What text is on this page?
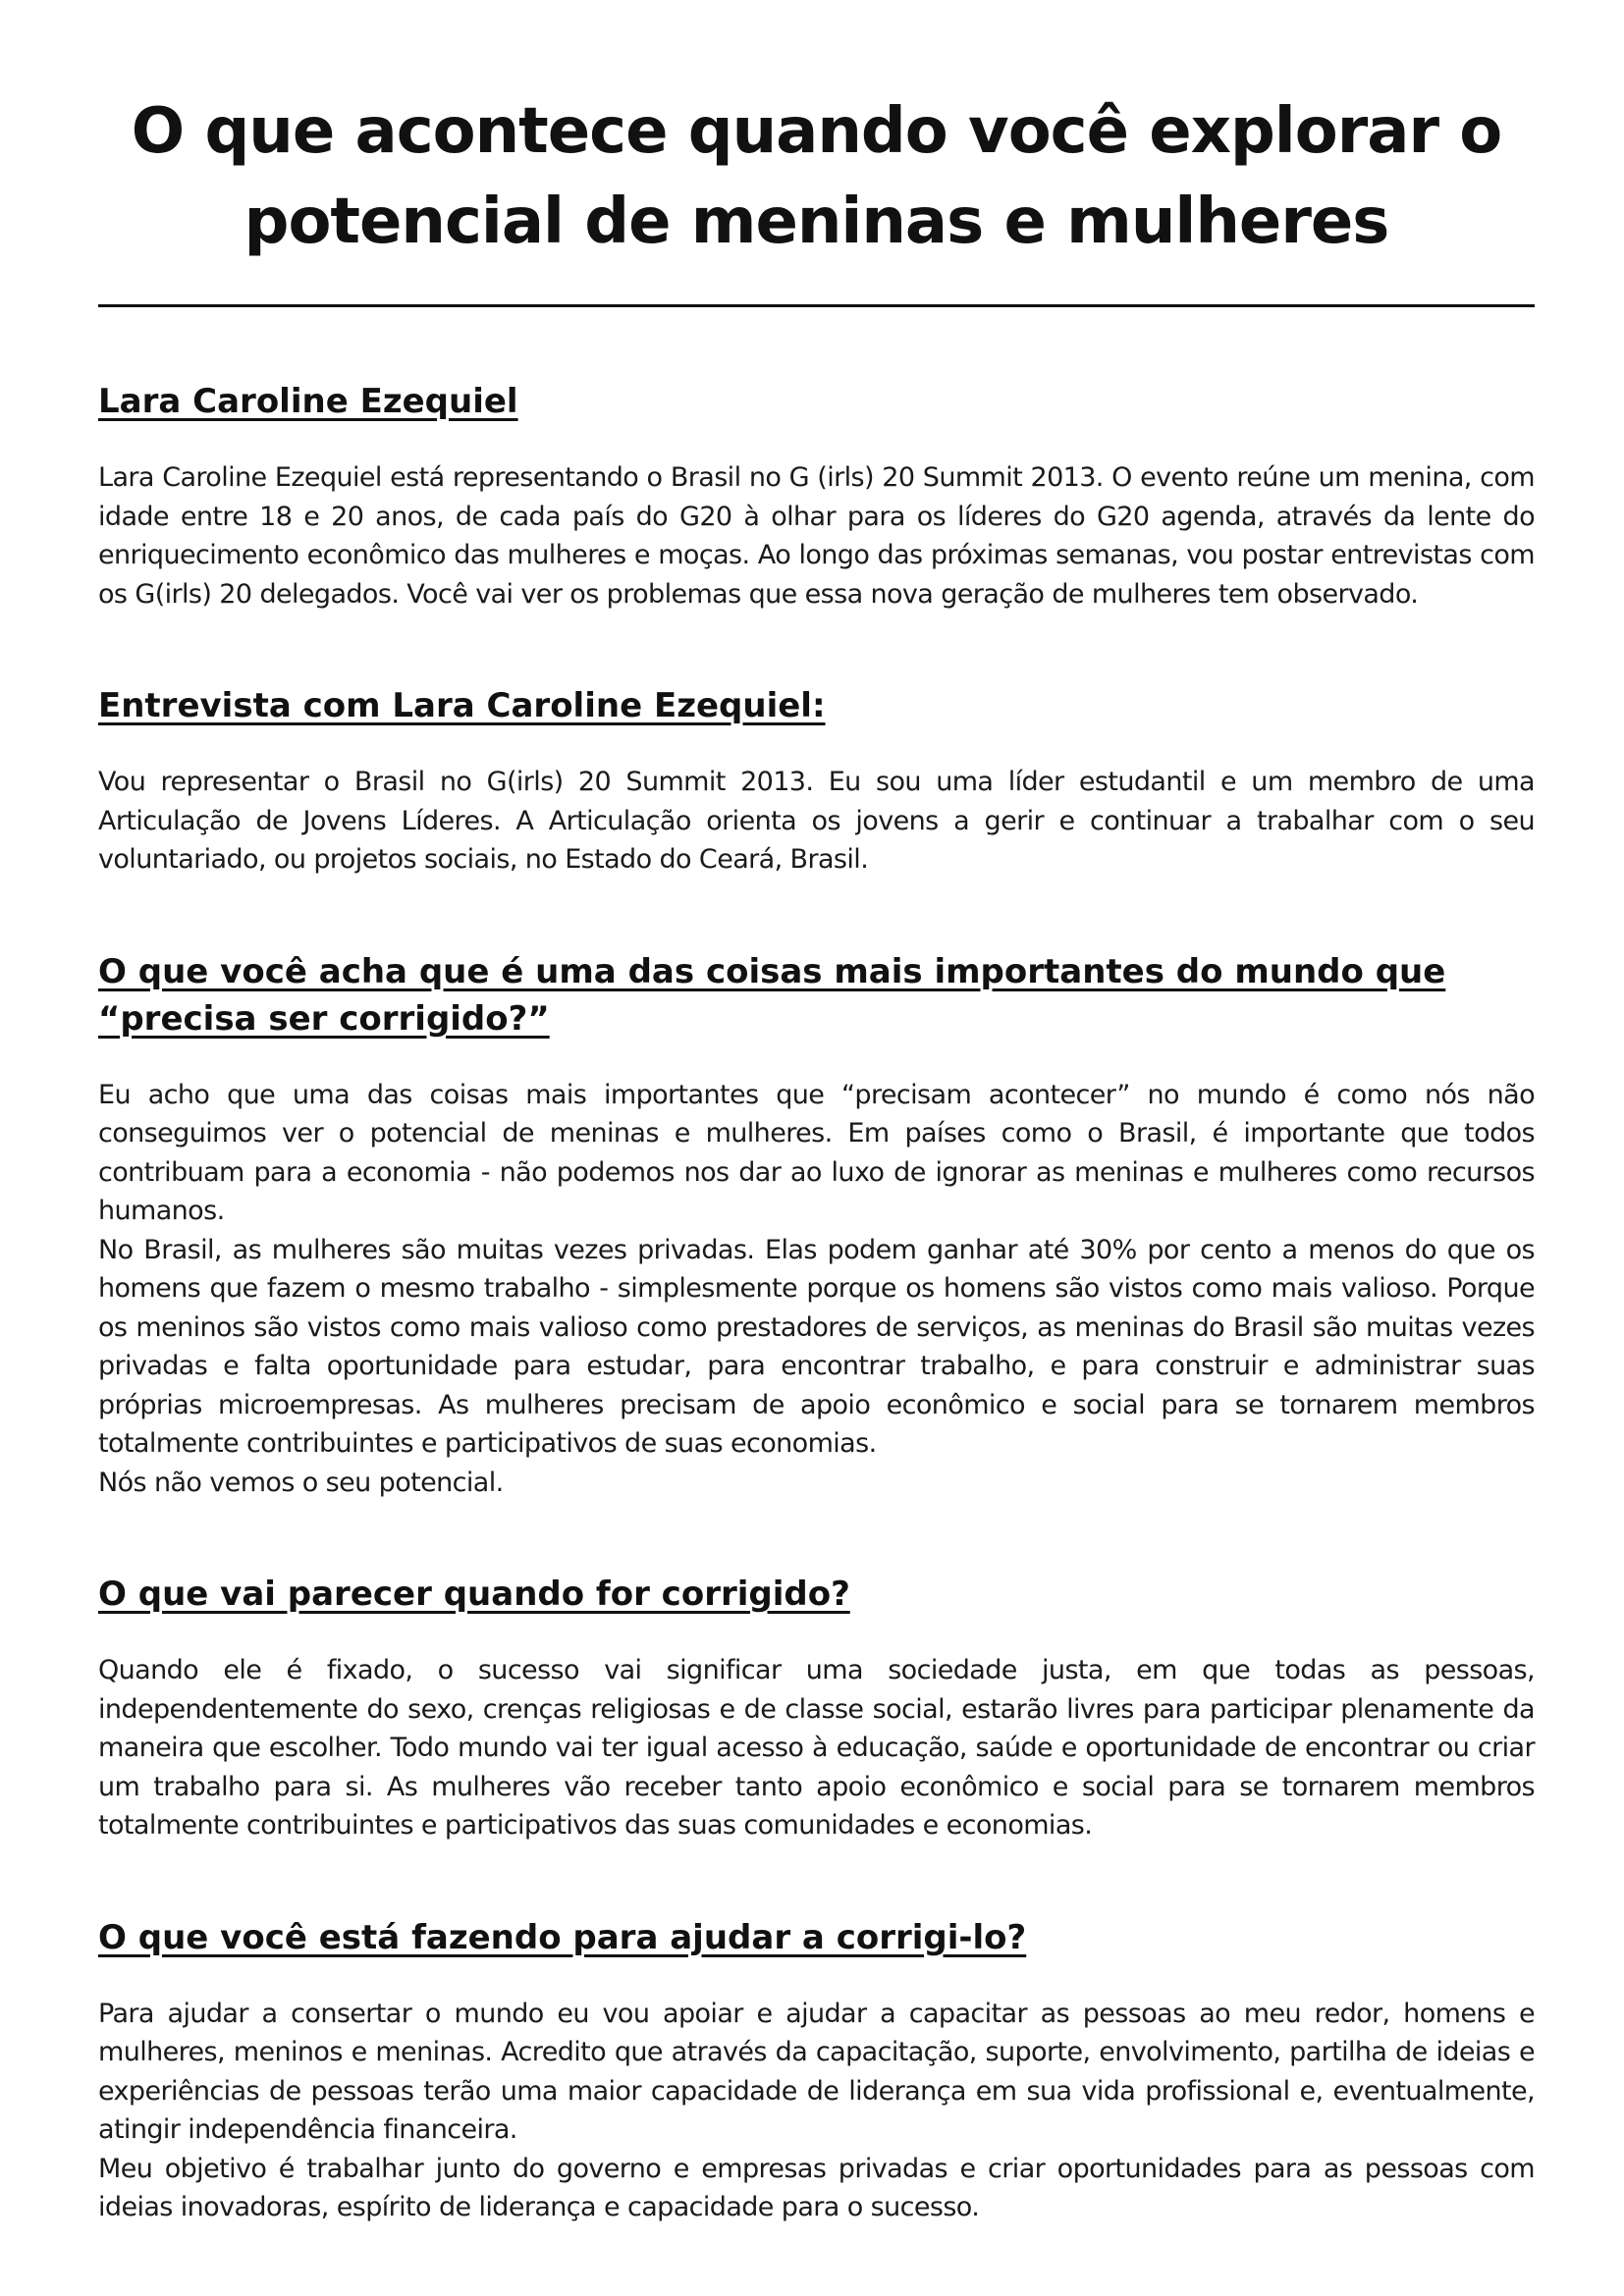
O que acontece quando você explorar o potencial de meninas e mulheres
Lara Caroline Ezequiel

Lara Caroline Ezequiel está representando o Brasil no G (irls) 20 Summit 2013. O evento reúne um menina, com idade entre 18 e 20 anos, de cada país do G20 à olhar para os líderes do G20 agenda, através da lente do enriquecimento econômico das mulheres e moças. Ao longo das próximas semanas, vou postar entrevistas com os G(irls) 20 delegados. Você vai ver os problemas que essa nova geração de mulheres tem observado.

Entrevista com Lara Caroline Ezequiel:

Vou representar o Brasil no G(irls) 20 Summit 2013. Eu sou uma líder estudantil e um membro de uma Articulação de Jovens Líderes. A Articulação orienta os jovens a gerir e continuar a trabalhar com o seu voluntariado, ou projetos sociais, no Estado do Ceará, Brasil.

O que você acha que é uma das coisas mais importantes do mundo que “precisa ser corrigido?”

Eu acho que uma das coisas mais importantes que “precisam acontecer” no mundo é como nós não conseguimos ver o potencial de meninas e mulheres. Em países como o Brasil, é importante que todos contribuam para a economia - não podemos nos dar ao luxo de ignorar as meninas e mulheres como recursos humanos.

No Brasil, as mulheres são muitas vezes privadas. Elas podem ganhar até 30% por cento a menos do que os homens que fazem o mesmo trabalho - simplesmente porque os homens são vistos como mais valioso. Porque os meninos são vistos como mais valioso como prestadores de serviços, as meninas do Brasil são muitas vezes privadas e falta oportunidade para estudar, para encontrar trabalho, e para construir e administrar suas próprias microempresas. As mulheres precisam de apoio econômico e social para se tornarem membros totalmente contribuintes e participativos de suas economias.

Nós não vemos o seu potencial.

O que vai parecer quando for corrigido?

Quando ele é fixado, o sucesso vai significar uma sociedade justa, em que todas as pessoas, independentemente do sexo, crenças religiosas e de classe social, estarão livres para participar plenamente da maneira que escolher. Todo mundo vai ter igual acesso à educação, saúde e oportunidade de encontrar ou criar um trabalho para si. As mulheres vão receber tanto apoio econômico e social para se tornarem membros totalmente contribuintes e participativos das suas comunidades e economias.

O que você está fazendo para ajudar a corrigi-lo?

Para ajudar a consertar o mundo eu vou apoiar e ajudar a capacitar as pessoas ao meu redor, homens e mulheres, meninos e meninas. Acredito que através da capacitação, suporte, envolvimento, partilha de ideias e experiências de pessoas terão uma maior capacidade de liderança em sua vida profissional e, eventualmente, atingir independência financeira.

Meu objetivo é trabalhar junto do governo e empresas privadas e criar oportunidades para as pessoas com ideias inovadoras, espírito de liderança e capacidade para o sucesso.
